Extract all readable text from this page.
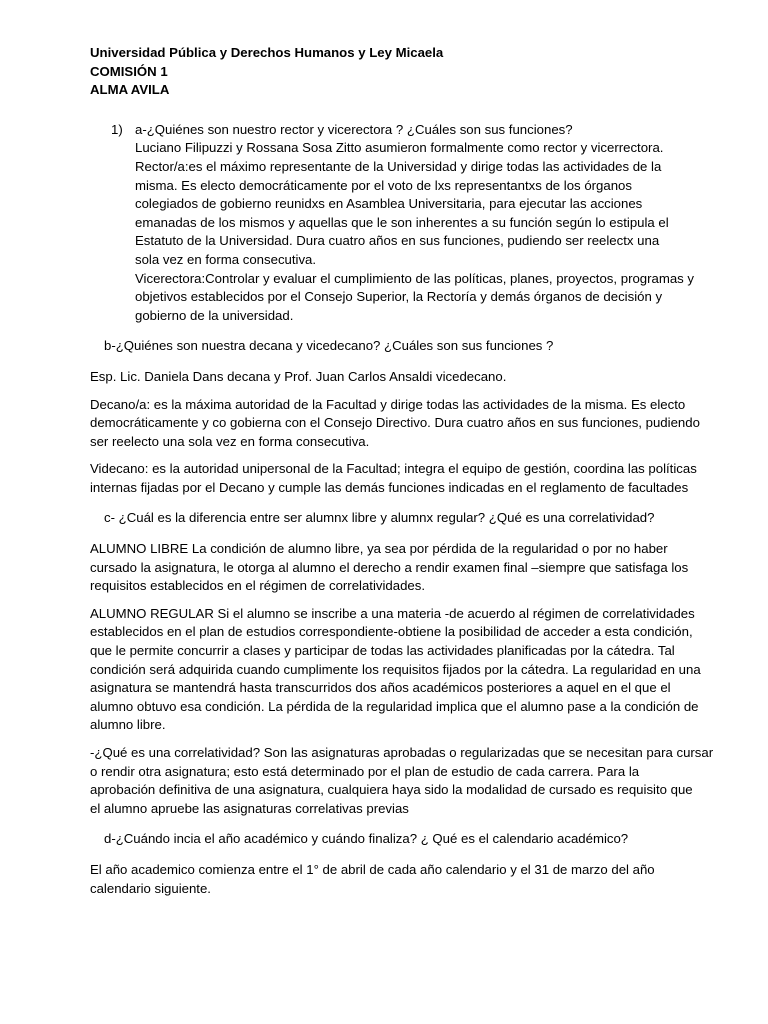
Universidad Pública y Derechos Humanos y Ley Micaela

COMISIÓN 1

ALMA AVILA

1) a-¿Quiénes son nuestro rector y vicerectora ? ¿Cuáles son sus funciones?

Luciano Filipuzzi y Rossana Sosa Zitto asumieron formalmente como rector y vicerrectora.

Rector/a:es el máximo representante de la Universidad y dirige todas las actividades de la

misma. Es electo democráticamente por el voto de lxs representantxs de los órganos

colegiados de gobierno reunidxs en Asamblea Universitaria, para ejecutar las acciones

emanadas de los mismos y aquellas que le son inherentes a su función según lo estipula el

Estatuto de la Universidad. Dura cuatro años en sus funciones, pudiendo ser reelectx una

sola vez en forma consecutiva.

Vicerectora:Controlar y evaluar el cumplimiento de las políticas, planes, proyectos, programas y

objetivos establecidos por el Consejo Superior, la Rectoría y demás órganos de decisión y

gobierno de la universidad.

b-¿Quiénes son nuestra decana y vicedecano? ¿Cuáles son sus funciones ?

Esp. Lic. Daniela Dans decana y Prof. Juan Carlos Ansaldi vicedecano.

Decano/a: es la máxima autoridad de la Facultad y dirige todas las actividades de la misma. Es electo
democráticamente y co gobierna con el Consejo Directivo. Dura cuatro años en sus funciones, pudiendo
ser reelecto una sola vez en forma consecutiva.
Videcano: es la autoridad unipersonal de la Facultad; integra el equipo de gestión, coordina las políticas
internas fijadas por el Decano y cumple las demás funciones indicadas en el reglamento de facultades

c- ¿Cuál es la diferencia entre ser alumnx libre y alumnx regular? ¿Qué es una correlatividad?

ALUMNO LIBRE La condición de alumno libre, ya sea por pérdida de la regularidad o por no haber
cursado la asignatura, le otorga al alumno el derecho a rendir examen final –siempre que satisfaga los
requisitos establecidos en el régimen de correlatividades.
ALUMNO REGULAR Si el alumno se inscribe a una materia -de acuerdo al régimen de correlatividades
establecidos en el plan de estudios correspondiente-obtiene la posibilidad de acceder a esta condición,
que le permite concurrir a clases y participar de todas las actividades planificadas por la cátedra. Tal
condición será adquirida cuando cumplimente los requisitos fijados por la cátedra. La regularidad en una
asignatura se mantendrá hasta transcurridos dos años académicos posteriores a aquel en el que el
alumno obtuvo esa condición. La pérdida de la regularidad implica que el alumno pase a la condición de
alumno libre.
-¿Qué es una correlatividad? Son las asignaturas aprobadas o regularizadas que se necesitan para cursar
o rendir otra asignatura; esto está determinado por el plan de estudio de cada carrera. Para la
aprobación definitiva de una asignatura, cualquiera haya sido la modalidad de cursado es requisito que
el alumno apruebe las asignaturas correlativas previas

d-¿Cuándo incia el año académico y cuándo finaliza? ¿ Qué es el calendario académico?

El año academico comienza entre el 1° de abril de cada año calendario y el 31 de marzo del año
calendario siguiente.
